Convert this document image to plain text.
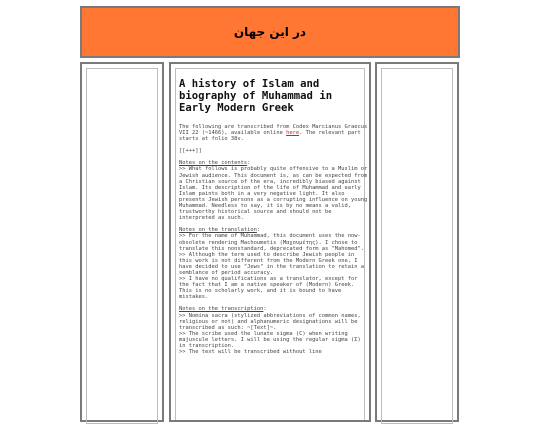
در این جهان
A history of Islam and biography of Muhammad in Early Modern Greek

The following are transcribed from Codex Marcianus Graecus VII 22 (~1466), available online here. The relevant part starts at folio 38v.

[[+++]]

Notes on the contents:
>> What follows is probably quite offensive to a Muslim or Jewish audience. This document is, as can be expected from a Christian source of the era, incredibly biased against Islam. Its description of the life of Muhammad and early Islam paints both in a very negative light. It also presents Jewish persons as a corrupting influence on young Muhammad. Needless to say, it is by no means a valid, trustworthy historical source and should not be interpreted as such.
Notes on the translation:
>> For the name of Muhammad, this document uses the now-obsolete rendering Machoumetis (Μαχουμέτης). I chose to translate this nonstandard, deprecated form as "Mahomed".
>> Although the term used to describe Jewish people in this work is not different from the Modern Greek one, I have decided to use "Jews" in the translation to retain a semblance of period accuracy.
>> I have no qualifications as a translator, except for the fact that I am a native speaker of (Modern) Greek. This is no scholarly work, and it is bound to have mistakes.
Notes on the transcription:
>> Nomina sacra (stylized abbreviations of common names, religious or not) and alphanumeric designations will be transcribed as such: ~[Text]~.
>> The scribe used the lunate sigma (Ϲ) when writing majuscule letters. I will be using the regular sigma (Σ) in transcription.
>> The text will be transcribed without line
